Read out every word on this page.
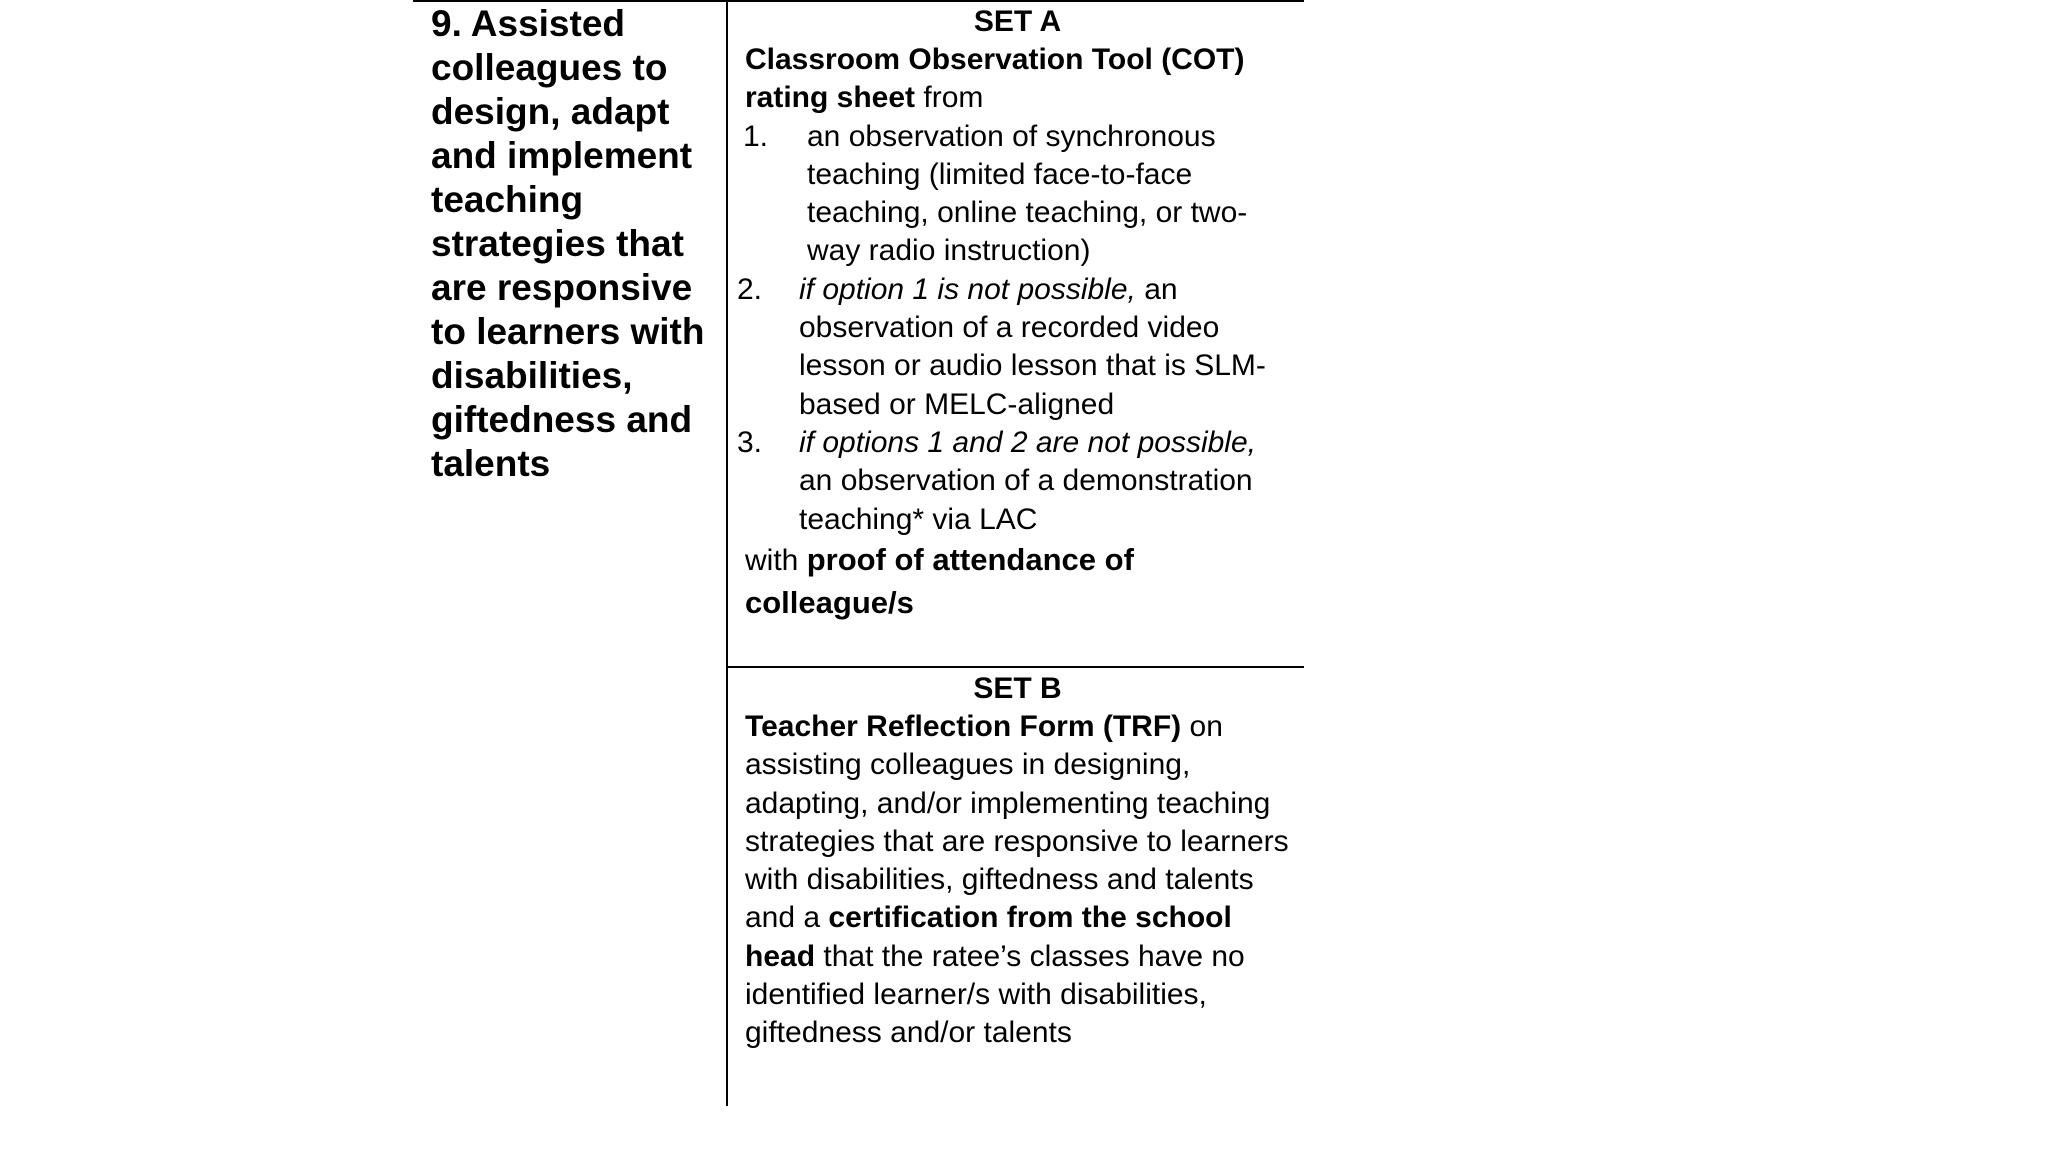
9. Assisted colleagues to design, adapt and implement teaching strategies that are responsive to learners with disabilities, giftedness and talents
SET A
Classroom Observation Tool (COT) rating sheet from
1. an observation of synchronous teaching (limited face-to-face teaching, online teaching, or two-way radio instruction)
2. if option 1 is not possible, an observation of a recorded video lesson or audio lesson that is SLM-based or MELC-aligned
3. if options 1 and 2 are not possible, an observation of a demonstration teaching* via LAC
with proof of attendance of colleague/s
SET B
Teacher Reflection Form (TRF) on assisting colleagues in designing, adapting, and/or implementing teaching strategies that are responsive to learners with disabilities, giftedness and talents and a certification from the school head that the ratee’s classes have no identified learner/s with disabilities, giftedness and/or talents
